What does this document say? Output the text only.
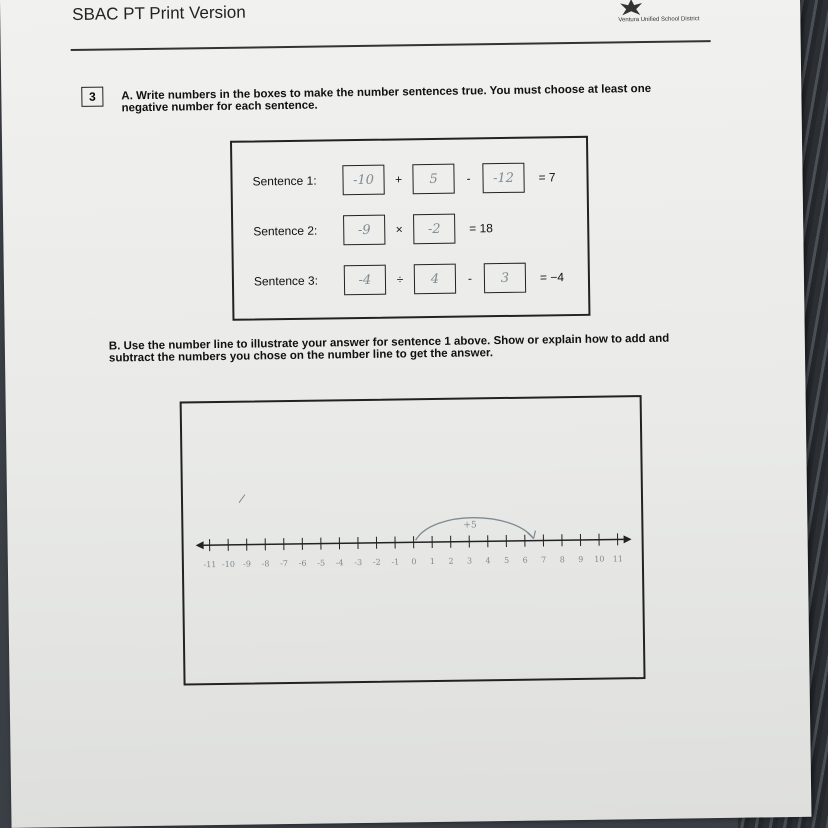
SBAC PT Print Version	Ventura Unified School District
3	A. Write numbers in the boxes to make the number sentences true. You must choose at least one negative number for each sentence.
Sentence 1:	-10	+	5	-	-12	= 7
Sentence 2:	-9	×	-2	= 18
Sentence 3:	-4	÷	4	-	3	= −4
B. Use the number line to illustrate your answer for sentence 1 above. Show or explain how to add and subtract the numbers you chose on the number line to get the answer.
-11 -10 -9 -8 -7 -6 -5 -4 -3 -2 -1 0 1 2 3 4 5 6 7 8 9 10 11
+5
